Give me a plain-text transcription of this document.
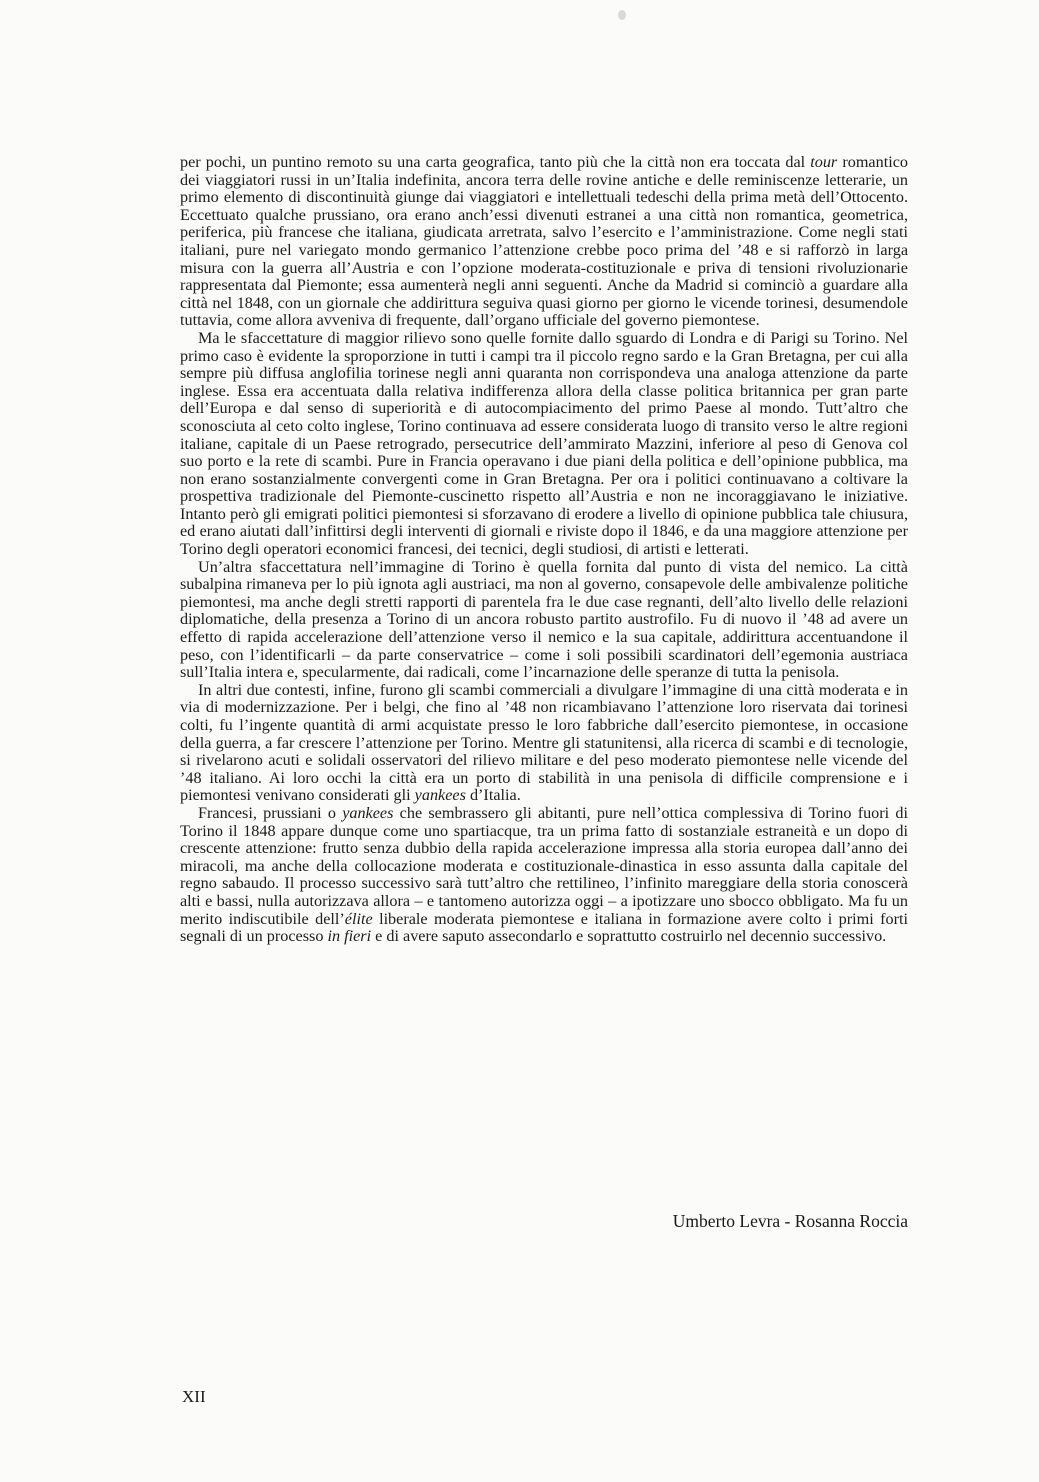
per pochi, un puntino remoto su una carta geografica, tanto più che la città non era toccata dal tour romantico dei viaggiatori russi in un’Italia indefinita, ancora terra delle rovine antiche e delle reminiscenze letterarie, un primo elemento di discontinuità giunge dai viaggiatori e intellettuali tedeschi della prima metà dell’Ottocento. Eccettuato qualche prussiano, ora erano anch’essi divenuti estranei a una città non romantica, geometrica, periferica, più francese che italiana, giudicata arretrata, salvo l’esercito e l’amministrazione. Come negli stati italiani, pure nel variegato mondo germanico l’attenzione crebbe poco prima del ’48 e si rafforzò in larga misura con la guerra all’Austria e con l’opzione moderata-costituzionale e priva di tensioni rivoluzionarie rappresentata dal Piemonte; essa aumenterà negli anni seguenti. Anche da Madrid si cominciò a guardare alla città nel 1848, con un giornale che addirittura seguiva quasi giorno per giorno le vicende torinesi, desumendole tuttavia, come allora avveniva di frequente, dall’organo ufficiale del governo piemontese.

Ma le sfaccettature di maggior rilievo sono quelle fornite dallo sguardo di Londra e di Parigi su Torino. Nel primo caso è evidente la sproporzione in tutti i campi tra il piccolo regno sardo e la Gran Bretagna, per cui alla sempre più diffusa anglofilia torinese negli anni quaranta non corrispondeva una analoga attenzione da parte inglese. Essa era accentuata dalla relativa indifferenza allora della classe politica britannica per gran parte dell’Europa e dal senso di superiorità e di autocompiacimento del primo Paese al mondo. Tutt’altro che sconosciuta al ceto colto inglese, Torino continuava ad essere considerata luogo di transito verso le altre regioni italiane, capitale di un Paese retrogrado, persecutrice dell’ammirato Mazzini, inferiore al peso di Genova col suo porto e la rete di scambi. Pure in Francia operavano i due piani della politica e dell’opinione pubblica, ma non erano sostanzialmente convergenti come in Gran Bretagna. Per ora i politici continuavano a coltivare la prospettiva tradizionale del Piemonte-cuscinetto rispetto all’Austria e non ne incoraggiavano le iniziative. Intanto però gli emigrati politici piemontesi si sforzavano di erodere a livello di opinione pubblica tale chiusura, ed erano aiutati dall’infittirsi degli interventi di giornali e riviste dopo il 1846, e da una maggiore attenzione per Torino degli operatori economici francesi, dei tecnici, degli studiosi, di artisti e letterati.

Un’altra sfaccettatura nell’immagine di Torino è quella fornita dal punto di vista del nemico. La città subalpina rimaneva per lo più ignota agli austriaci, ma non al governo, consapevole delle ambivalenze politiche piemontesi, ma anche degli stretti rapporti di parentela fra le due case regnanti, dell’alto livello delle relazioni diplomatiche, della presenza a Torino di un ancora robusto partito austrofilo. Fu di nuovo il ’48 ad avere un effetto di rapida accelerazione dell’attenzione verso il nemico e la sua capitale, addirittura accentuandone il peso, con l’identificarli – da parte conservatrice – come i soli possibili scardinatori dell’egemonia austriaca sull’Italia intera e, specularmente, dai radicali, come l’incarnazione delle speranze di tutta la penisola.

In altri due contesti, infine, furono gli scambi commerciali a divulgare l’immagine di una città moderata e in via di modernizzazione. Per i belgi, che fino al ’48 non ricambiavano l’attenzione loro riservata dai torinesi colti, fu l’ingente quantità di armi acquistate presso le loro fabbriche dall’esercito piemontese, in occasione della guerra, a far crescere l’attenzione per Torino. Mentre gli statunitensi, alla ricerca di scambi e di tecnologie, si rivelarono acuti e solidali osservatori del rilievo militare e del peso moderato piemontese nelle vicende del ’48 italiano. Ai loro occhi la città era un porto di stabilità in una penisola di difficile comprensione e i piemontesi venivano considerati gli yankees d’Italia.

Francesi, prussiani o yankees che sembrassero gli abitanti, pure nell’ottica complessiva di Torino fuori di Torino il 1848 appare dunque come uno spartiacque, tra un prima fatto di sostanziale estraneità e un dopo di crescente attenzione: frutto senza dubbio della rapida accelerazione impressa alla storia europea dall’anno dei miracoli, ma anche della collocazione moderata e costituzionale-dinastica in esso assunta dalla capitale del regno sabaudo. Il processo successivo sarà tutt’altro che rettilineo, l’infinito mareggiare della storia conoscerà alti e bassi, nulla autorizzava allora – e tantomeno autorizza oggi – a ipotizzare uno sbocco obbligato. Ma fu un merito indiscutibile dell’élite liberale moderata piemontese e italiana in formazione avere colto i primi forti segnali di un processo in fieri e di avere saputo assecondarlo e soprattutto costruirlo nel decennio successivo.

Umberto Levra - Rosanna Roccia
XII
